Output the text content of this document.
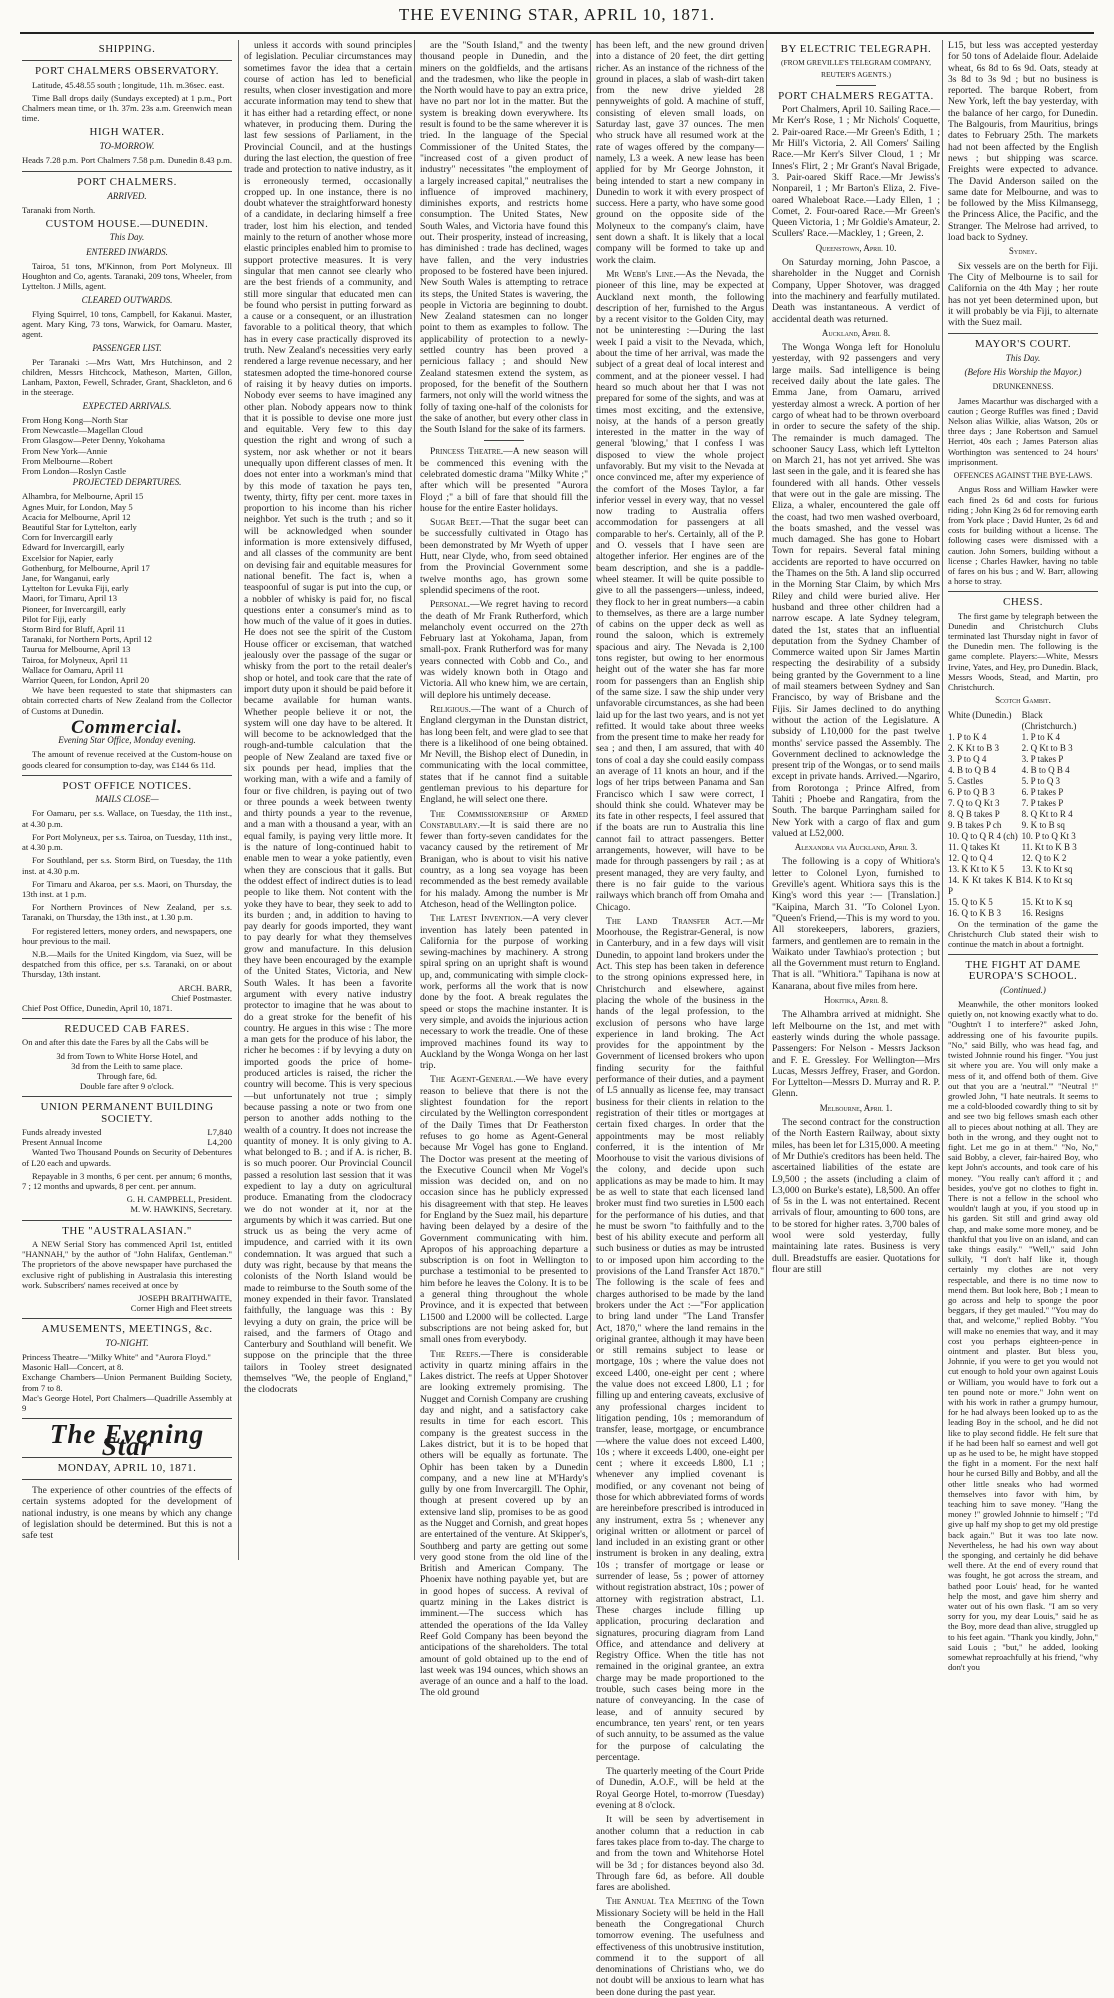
THE EVENING STAR, APRIL 10, 1871.
SHIPPING.
PORT CHALMERS OBSERVATORY.

Latitude, 45.48.55 south ; longitude, 11h. m.36sec. east.

Time Ball drops daily (Sundays excepted) at 1 p.m., Port Chalmers mean time, or 1h. 37m. 23s a.m. Greenwich mean time.

HIGH WATER.
TO-MORROW.
Heads 7.28 p.m. Port Chalmers 7.58 p.m. Dunedin 8.43 p.m.
PORT CHALMERS.
ARRIVED.

Taranaki from North.

CUSTOM HOUSE.—DUNEDIN.
This Day.
ENTERED INWARDS.

Tairoa, 51 tons, M'Kinnon, from Port Molyneux. Ill Houghton and Co, agents. Taranaki, 209 tons, Wheeler, from Lyttelton. J Mills, agent.

CLEARED OUTWARDS.

Flying Squirrel, 10 tons, Campbell, for Kakanui. Master, agent. Mary King, 73 tons, Warwick, for Oamaru. Master, agent.

PASSENGER LIST.

Per Taranaki :—Mrs Watt, Mrs Hutchinson, and 2 children, Messrs Hitchcock, Matheson, Marten, Gillon, Lanham, Paxton, Fewell, Schrader, Grant, Shackleton, and 6 in the steerage.

EXPECTED ARRIVALS.
From Hong Kong—North Star
From Newcastle—Magellan Cloud
From Glasgow—Peter Denny, Yokohama
From New York—Annie
From Melbourne—Robert
From London—Roslyn Castle
PROJECTED DEPARTURES.
Alhambra, for Melbourne, April 15
Agnes Muir, for London, May 5
Acacia for Melbourne, April 12
Beautiful Star for Lyttelton, early
Corn for Invercargill early
Edward for Invercargill, early
Excelsior for Napier, early
Gothenburg, for Melbourne, April 17
Jane, for Wanganui, early
Lyttelton for Levuka Fiji, early
Maori, for Timaru, April 13
Pioneer, for Invercargill, early
Pilot for Fiji, early
Storm Bird for Bluff, April 11
Taranaki, for Northern Ports, April 12
Taurua for Melbourne, April 13
Tairoa, for Molyneux, April 11
Wallace for Oamaru, April 11
Warrior Queen, for London, April 20

We have been requested to state that shipmasters can obtain corrected charts of New Zealand from the Collector of Customs at Dunedin.

Commercial.
Evening Star Office, Monday evening.

The amount of revenue received at the Custom-house on goods cleared for consumption to-day, was £144 6s 11d.

POST OFFICE NOTICES.
MAILS CLOSE—

For Oamaru, per s.s. Wallace, on Tuesday, the 11th inst., at 4.30 p.m.

For Port Molyneux, per s.s. Tairoa, on Tuesday, 11th inst., at 4.30 p.m.

For Southland, per s.s. Storm Bird, on Tuesday, the 11th inst. at 4.30 p.m.

For Timaru and Akaroa, per s.s. Maori, on Thursday, the 13th inst. at 1 p.m.

For Northern Provinces of New Zealand, per s.s. Taranaki, on Thursday, the 13th inst., at 1.30 p.m.

For registered letters, money orders, and newspapers, one hour previous to the mail.

N.B.—Mails for the United Kingdom, via Suez, will be despatched from this office, per s.s. Taranaki, on or about Thursday, 13th instant.

ARCH. BARR,
Chief Postmaster.
Chief Post Office, Dunedin, April 10, 1871.
REDUCED CAB FARES.

On and after this date the Fares by all the Cabs will be

3d from Town to White Horse Hotel, and
3d from the Leith to same place.
Through fare, 6d.
Double fare after 9 o'clock.
UNION PERMANENT BUILDING SOCIETY.
Funds already invested	L7,840
Present Annual Income	L4,200

Wanted Two Thousand Pounds on Security of Debentures of L20 each and upwards.

Repayable in 3 months, 6 per cent. per annum; 6 months, 7 ; 12 months and upwards, 8 per cent. per annum.

G. H. CAMPBELL, President.
M. W. HAWKINS, Secretary.
THE "AUSTRALASIAN."

A NEW Serial Story has commenced April 1st, entitled "HANNAH," by the author of "John Halifax, Gentleman." The proprietors of the above newspaper have purchased the exclusive right of publishing in Australasia this interesting work. Subscribers' names received at once by

JOSEPH BRAITHWAITE,
Corner High and Fleet streets
AMUSEMENTS, MEETINGS, &c.
TO-NIGHT.
Princess Theatre—"Milky White" and "Aurora Floyd."
Masonic Hall—Concert, at 8.
Exchange Chambers—Union Permanent Building Society, from 7 to 8.
Mac's George Hotel, Port Chalmers—Quadrille Assembly at 9
The Evening Star
MONDAY, APRIL 10, 1871.

The experience of other countries of the effects of certain systems adopted for the development of national industry, is one means by which any change of legislation should be determined. But this is not a safe test

unless it accords with sound principles of legislation. Peculiar circumstances may sometimes favor the idea that a certain course of action has led to beneficial results, when closer investigation and more accurate information may tend to shew that it has either had a retarding effect, or none whatever, in producing them. During the last few sessions of Parliament, in the Provincial Council, and at the hustings during the last election, the question of free trade and protection to native industry, as it is erroneously termed, occasionally cropped up. In one instance, there is no doubt whatever the straightforward honesty of a candidate, in declaring himself a free trader, lost him his election, and tended mainly to the return of another whose more elastic principles enabled him to promise to support protective measures. It is very singular that men cannot see clearly who are the best friends of a community, and still more singular that educated men can be found who persist in putting forward as a cause or a consequent, or an illustration favorable to a political theory, that which has in every case practically disproved its truth. New Zealand's necessities very early rendered a large revenue necessary, and her statesmen adopted the time-honored course of raising it by heavy duties on imports. Nobody ever seems to have imagined any other plan. Nobody appears now to think that it is possible to devise one more just and equitable. Very few to this day question the right and wrong of such a system, nor ask whether or not it bears unequally upon different classes of men. It does not enter into a workman's mind that by this mode of taxation he pays ten, twenty, thirty, fifty per cent. more taxes in proportion to his income than his richer neighbor. Yet such is the truth ; and so it will be acknowledged when sounder information is more extensively diffused, and all classes of the community are bent on devising fair and equitable measures for national benefit. The fact is, when a teaspoonful of sugar is put into the cup, or a nobbler of whisky is paid for, no fiscal questions enter a consumer's mind as to how much of the value of it goes in duties. He does not see the spirit of the Custom House officer or exciseman, that watched jealously over the passage of the sugar or whisky from the port to the retail dealer's shop or hotel, and took care that the rate of import duty upon it should be paid before it became available for human wants. Whether people believe it or not, the system will one day have to be altered. It will become to be acknowledged that the rough-and-tumble calculation that the people of New Zealand are taxed five or six pounds per head, implies that the working man, with a wife and a family of four or five children, is paying out of two or three pounds a week between twenty and thirty pounds a year to the revenue, and a man with a thousand a year, with an equal family, is paying very little more. It is the nature of long-continued habit to enable men to wear a yoke patiently, even when they are conscious that it galls. But the oddest effect of indirect duties is to lead people to like them. Not content with the yoke they have to bear, they seek to add to its burden ; and, in addition to having to pay dearly for goods imported, they want to pay dearly for what they themselves grow and manufacture. In this delusion they have been encouraged by the example of the United States, Victoria, and New South Wales. It has been a favorite argument with every native industry protector to imagine that he was about to do a great stroke for the benefit of his country. He argues in this wise : The more a man gets for the produce of his labor, the richer he becomes : if by levying a duty on imported goods the price of home-produced articles is raised, the richer the country will become. This is very specious—but unfortunately not true ; simply because passing a note or two from one person to another adds nothing to the wealth of a country. It does not increase the quantity of money. It is only giving to A. what belonged to B. ; and if A. is richer, B. is so much poorer. Our Provincial Council passed a resolution last session that it was expedient to lay a duty on agricultural produce. Emanating from the clodocracy we do not wonder at it, nor at the arguments by which it was carried. But one struck us as being the very acme of impudence, and carried with it its own condemnation. It was argued that such a duty was right, because by that means the colonists of the North Island would be made to reimburse to the South some of the money expended in their favor. Translated faithfully, the language was this : By levying a duty on grain, the price will be raised, and the farmers of Otago and Canterbury and Southland will benefit. We suppose on the principle that the three tailors in Tooley street designated themselves "We, the people of England," the clodocrats

are the "South Island," and the twenty thousand people in Dunedin, and the miners on the goldfields, and the artisans and the tradesmen, who like the people in the North would have to pay an extra price, have no part nor lot in the matter. But the system is breaking down everywhere. Its result is found to be the same wherever it is tried. In the language of the Special Commissioner of the United States, the "increased cost of a given product of industry" necessitates "the employment of a largely increased capital," neutralises the influence of improved machinery, diminishes exports, and restricts home consumption. The United States, New South Wales, and Victoria have found this out. Their prosperity, instead of increasing, has diminished : trade has declined, wages have fallen, and the very industries proposed to be fostered have been injured. New South Wales is attempting to retrace its steps, the United States is wavering, the people in Victoria are beginning to doubt. New Zealand statesmen can no longer point to them as examples to follow. The applicability of protection to a newly-settled country has been proved a pernicious fallacy ; and should New Zealand statesmen extend the system, as proposed, for the benefit of the Southern farmers, not only will the world witness the folly of taxing one-half of the colonists for the sake of another, but every other class in the South Island for the sake of its farmers.

Princess Theatre.—A new season will be commenced this evening with the celebrated domestic drama "Milky White ;" after which will be presented "Aurora Floyd ;" a bill of fare that should fill the house for the entire Easter holidays.

Sugar Beet.—That the sugar beet can be successfully cultivated in Otago has been demonstrated by Mr Wyeth of upper Hutt, near Clyde, who, from seed obtained from the Provincial Government some twelve months ago, has grown some splendid specimens of the root.

Personal.—We regret having to record the death of Mr Frank Rutherford, which melancholy event occurred on the 27th February last at Yokohama, Japan, from small-pox. Frank Rutherford was for many years connected with Cobb and Co., and was widely known both in Otago and Victoria. All who knew him, we are certain, will deplore his untimely decease.

Religious.—The want of a Church of England clergyman in the Dunstan district, has long been felt, and were glad to see that there is a likelihood of one being obtained. Mr Nevill, the Bishop elect of Dunedin, in communicating with the local committee, states that if he cannot find a suitable gentleman previous to his departure for England, he will select one there.

The Commissionership of Armed Constabulary.—It is said there are no fewer than forty-seven candidates for the vacancy caused by the retirement of Mr Branigan, who is about to visit his native country, as a long sea voyage has been recommended as the best remedy available for his malady. Among the number is Mr Atcheson, head of the Wellington police.

The Latest Invention.—A very clever invention has lately been patented in California for the purpose of working sewing-machines by machinery. A strong spiral spring on an upright shaft is wound up, and, communicating with simple clock-work, performs all the work that is now done by the foot. A break regulates the speed or stops the machine instanter. It is very simple, and avoids the injurious action necessary to work the treadle. One of these improved machines found its way to Auckland by the Wonga Wonga on her last trip.

The Agent-General.—We have every reason to believe that there is not the slightest foundation for the report circulated by the Wellington correspondent of the Daily Times that Dr Featherston refuses to go home as Agent-General because Mr Vogel has gone to England. The Doctor was present at the meeting of the Executive Council when Mr Vogel's mission was decided on, and on no occasion since has he publicly expressed his disagreement with that step. He leaves for England by the Suez mail, his departure having been delayed by a desire of the Government communicating with him. Apropos of his approaching departure a subscription is on foot in Wellington to purchase a testimonial to be presented to him before he leaves the Colony. It is to be a general thing throughout the whole Province, and it is expected that between L1500 and L2000 will be collected. Large subscriptions are not being asked for, but small ones from everybody.

The Reefs.—There is considerable activity in quartz mining affairs in the Lakes district. The reefs at Upper Shotover are looking extremely promising. The Nugget and Cornish Company are crushing day and night, and a satisfactory cake results in time for each escort. This company is the greatest success in the Lakes district, but it is to be hoped that others will be equally as fortunate. The Ophir has been taken by a Dunedin company, and a new line at M'Hardy's gully by one from Invercargill. The Ophir, though at present covered up by an extensive land slip, promises to be as good as the Nugget and Cornish, and great hopes are entertained of the venture. At Skipper's, Southberg and party are getting out some very good stone from the old line of the British and American Company. The Phoenix have nothing payable yet, but are in good hopes of success. A revival of quartz mining in the Lakes district is imminent.—The success which has attended the operations of the Ida Valley Reef Gold Company has been beyond the anticipations of the shareholders. The total amount of gold obtained up to the end of last week was 194 ounces, which shows an average of an ounce and a half to the load. The old ground

has been left, and the new ground driven into a distance of 20 feet, the dirt getting richer. As an instance of the richness of the ground in places, a slab of wash-dirt taken from the new drive yielded 28 pennyweights of gold. A machine of stuff, consisting of eleven small loads, on Saturday last, gave 37 ounces. The men who struck have all resumed work at the rate of wages offered by the company—namely, L3 a week. A new lease has been applied for by Mr George Johnston, it being intended to start a new company in Dunedin to work it with every prospect of success. Here a party, who have some good ground on the opposite side of the Molyneux to the company's claim, have sent down a shaft. It is likely that a local company will be formed to take up and work the claim.

Mr Webb's Line.—As the Nevada, the pioneer of this line, may be expected at Auckland next month, the following description of her, furnished to the Argus by a recent visitor to the Golden City, may not be uninteresting :—During the last week I paid a visit to the Nevada, which, about the time of her arrival, was made the subject of a great deal of local interest and comment, and at the pioneer vessel. I had heard so much about her that I was not prepared for some of the sights, and was at times most exciting, and the extensive, noisy, at the hands of a person greatly interested in the matter in the way of general 'blowing,' that I confess I was disposed to view the whole project unfavorably. But my visit to the Nevada at once convinced me, after my experience of the comfort of the Moses Taylor, a far inferior vessel in every way, that no vessel now trading to Australia offers accommodation for passengers at all comparable to her's. Certainly, all of the P. and O. vessels that I have seen are altogether inferior. Her engines are of the beam description, and she is a paddle-wheel steamer. It will be quite possible to give to all the passengers—unless, indeed, they flock to her in great numbers—a cabin to themselves, as there are a large number of cabins on the upper deck as well as round the saloon, which is extremely spacious and airy. The Nevada is 2,100 tons register, but owing to her enormous height out of the water she has far more room for passengers than an English ship of the same size. I saw the ship under very unfavorable circumstances, as she had been laid up for the last two years, and is not yet refitted. It would take about three weeks from the present time to make her ready for sea ; and then, I am assured, that with 40 tons of coal a day she could easily compass an average of 11 knots an hour, and if the logs of her trips between Panama and San Francisco which I saw were correct, I should think she could. Whatever may be its fate in other respects, I feel assured that if the boats are run to Australia this line cannot fail to attract passengers. Better arrangements, however, will have to be made for through passengers by rail ; as at present managed, they are very faulty, and there is no fair guide to the various railways which branch off from Omaha and Chicago.

The Land Transfer Act.—Mr Moorhouse, the Registrar-General, is now in Canterbury, and in a few days will visit Dunedin, to appoint land brokers under the Act. This step has been taken in deference to the strong opinions expressed here, in Christchurch and elsewhere, against placing the whole of the business in the hands of the legal profession, to the exclusion of persons who have large experience in land broking. The Act provides for the appointment by the Government of licensed brokers who upon finding security for the faithful performance of their duties, and a payment of L5 annually as license fee, may transact business for their clients in relation to the registration of their titles or mortgages at certain fixed charges. In order that the appointments may be most reliably conferred, it is the intention of Mr Moorhouse to visit the various divisions of the colony, and decide upon such applications as may be made to him. It may be as well to state that each licensed land broker must find two sureties in L500 each for the performance of his duties, and that he must be sworn "to faithfully and to the best of his ability execute and perform all such business or duties as may be intrusted to or imposed upon him according to the provisions of the Land Transfer Act 1870." The following is the scale of fees and charges authorised to be made by the land brokers under the Act :—"For application to bring land under "The Land Transfer Act, 1870," where the land remains in the original grantee, although it may have been or still remains subject to lease or mortgage, 10s ; where the value does not exceed L400, one-eight per cent ; where the value does not exceed L800, L1 ; for filling up and entering caveats, exclusive of any professional charges incident to litigation pending, 10s ; memorandum of transfer, lease, mortgage, or encumbrance—where the value does not exceed L400, 10s ; where it exceeds L400, one-eight per cent ; where it exceeds L800, L1 ; whenever any implied covenant is modified, or any covenant not being of those for which abbreviated forms of words are hereinbefore prescribed is introduced in any instrument, extra 5s ; whenever any original written or allotment or parcel of land included in an existing grant or other instrument is broken in any dealing, extra 10s ; transfer of mortgage or lease or surrender of lease, 5s ; power of attorney without registration abstract, 10s ; power of attorney with registration abstract, L1. These charges include filling up application, procuring declaration and signatures, procuring diagram from Land Office, and attendance and delivery at Registry Office. When the title has not remained in the original grantee, an extra charge may be made proportioned to the trouble, such cases being more in the nature of conveyancing. In the case of lease, and of annuity secured by encumbrance, ten years' rent, or ten years of such annuity, to be assumed as the value for the purpose of calculating the percentage.

The quarterly meeting of the Court Pride of Dunedin, A.O.F., will be held at the Royal George Hotel, to-morrow (Tuesday) evening at 8 o'clock.

It will be seen by advertisement in another column that a reduction in cab fares takes place from to-day. The charge to and from the town and Whitehorse Hotel will be 3d ; for distances beyond also 3d. Through fare 6d, as before. All double fares are abolished.

The Annual Tea Meeting of the Town Missionary Society will be held in the Hall beneath the Congregational Church tomorrow evening. The usefulness and effectiveness of this unobtrusive institution, commend it to the support of all denominations of Christians who, we do not doubt will be anxious to learn what has been done during the past year.

BY ELECTRIC TELEGRAPH.
(FROM GREVILLE'S TELEGRAM COMPANY, REUTER'S AGENTS.)
PORT CHALMERS REGATTA.

Port Chalmers, April 10. Sailing Race.—Mr Kerr's Rose, 1 ; Mr Nichols' Coquette, 2. Pair-oared Race.—Mr Green's Edith, 1 ; Mr Hill's Victoria, 2. All Comers' Sailing Race.—Mr Kerr's Silver Cloud, 1 ; Mr Innes's Flirt, 2 ; Mr Grant's Naval Brigade, 3. Pair-oared Skiff Race.—Mr Jewiss's Nonpareil, 1 ; Mr Barton's Eliza, 2. Five-oared Whaleboat Race.—Lady Ellen, 1 ; Comet, 2. Four-oared Race.—Mr Green's Queen Victoria, 1 ; Mr Goldie's Amateur, 2. Scullers' Race.—Mackley, 1 ; Green, 2.

Queenstown, April 10.

On Saturday morning, John Pascoe, a shareholder in the Nugget and Cornish Company, Upper Shotover, was dragged into the machinery and fearfully mutilated. Death was instantaneous. A verdict of accidental death was returned.

Auckland, April 8.

The Wonga Wonga left for Honolulu yesterday, with 92 passengers and very large mails. Sad intelligence is being received daily about the late gales. The Emma Jane, from Oamaru, arrived yesterday almost a wreck. A portion of her cargo of wheat had to be thrown overboard in order to secure the safety of the ship. The remainder is much damaged. The schooner Saucy Lass, which left Lyttelton on March 21, has not yet arrived. She was last seen in the gale, and it is feared she has foundered with all hands. Other vessels that were out in the gale are missing. The Eliza, a whaler, encountered the gale off the coast, had two men washed overboard, the boats smashed, and the vessel was much damaged. She has gone to Hobart Town for repairs. Several fatal mining accidents are reported to have occurred on the Thames on the 5th. A land slip occurred in the Morning Star Claim, by which Mrs Riley and child were buried alive. Her husband and three other children had a narrow escape. A late Sydney telegram, dated the 1st, states that an influential deputation from the Sydney Chamber of Commerce waited upon Sir James Martin respecting the desirability of a subsidy being granted by the Government to a line of mail steamers between Sydney and San Francisco, by way of Brisbane and the Fijis. Sir James declined to do anything without the action of the Legislature. A subsidy of L10,000 for the past twelve months' service passed the Assembly. The Government declined to acknowledge the present trip of the Wongas, or to send mails except in private hands. Arrived.—Ngariro, from Rorotonga ; Prince Alfred, from Tahiti ; Phoebe and Rangatira, from the South. The barque Parringham sailed for New York with a cargo of flax and gum valued at L52,000.

Alexandra via Auckland, April 3.

The following is a copy of Whitiora's letter to Colonel Lyon, furnished to Greville's agent. Whitiora says this is the King's word this year :— [Translation.] "Kaipina, March 31. "To Colonel Lyon. "Queen's Friend,—This is my word to you. All storekeepers, laborers, graziers, farmers, and gentlemen are to remain in the Waikato under Tawhiao's protection ; but all the Government must return to England. That is all. "Whitiora." Tapihana is now at Kanarana, about five miles from here.

Hokitika, April 8.

The Alhambra arrived at midnight. She left Melbourne on the 1st, and met with easterly winds during the whole passage. Passengers: For Nelson - Messrs Jackson and F. E. Gressley. For Wellington—Mrs Lucas, Messrs Jeffrey, Fraser, and Gordon. For Lyttelton—Messrs D. Murray and R. P. Glenn.

Melbourne, April 1.

The second contract for the construction of the North Eastern Railway, about sixty miles, has been let for L315,000. A meeting of Mr Duthie's creditors has been held. The ascertained liabilities of the estate are L9,500 ; the assets (including a claim of L3,000 on Burke's estate), L8,500. An offer of 5s in the L was not entertained. Recent arrivals of flour, amounting to 600 tons, are to be stored for higher rates. 3,700 bales of wool were sold yesterday, fully maintaining late rates. Business is very dull. Breadstuffs are easier. Quotations for flour are still

L15, but less was accepted yesterday for 50 tons of Adelaide flour. Adelaide wheat, 6s 8d to 6s 9d. Oats, steady at 3s 8d to 3s 9d ; but no business is reported. The barque Robert, from New York, left the bay yesterday, with the balance of her cargo, for Dunedin. The Balgouris, from Mauritius, brings dates to February 25th. The markets had not been affected by the English news ; but shipping was scarce. Freights were expected to advance. The David Anderson sailed on the same date for Melbourne, and was to be followed by the Miss Kilmansegg, the Princess Alice, the Pacific, and the Stranger. The Melrose had arrived, to load back to Sydney.

Sydney.

Six vessels are on the berth for Fiji. The City of Melbourne is to sail for California on the 4th May ; her route has not yet been determined upon, but it will probably be via Fiji, to alternate with the Suez mail.

MAYOR'S COURT.
This Day.
(Before His Worship the Mayor.)
DRUNKENNESS.

James Macarthur was discharged with a caution ; George Ruffles was fined ; David Nelson alias Wilkie, alias Watson, 20s or three days ; Jane Robertson and Samuel Herriot, 40s each ; James Paterson alias Worthington was sentenced to 24 hours' imprisonment.

OFFENCES AGAINST THE BYE-LAWS.

Angus Ross and William Hawker were each fined 2s 6d and costs for furious riding ; John King 2s 6d for removing earth from York place ; David Hunter, 2s 6d and costs for building without a license. The following cases were dismissed with a caution. John Somers, building without a license ; Charles Hawker, having no table of fares on his bus ; and W. Barr, allowing a horse to stray.

CHESS.

The first game by telegraph between the Dunedin and Christchurch Clubs terminated last Thursday night in favor of the Dunedin men. The following is the game complete. Players:—White, Messrs Irvine, Yates, and Hey, pro Dunedin. Black, Messrs Woods, Stead, and Martin, pro Christchurch.

Scotch Gambit.
White (Dunedin.)	Black (Christchurch.)
1. P to K 4	1. P to K 4
2. K Kt to B 3	2. Q Kt to B 3
3. P to Q 4	3. P takes P
4. B to Q B 4	4. B to Q B 4
5. Castles	5. P to Q 3
6. P to Q B 3	6. P takes P
7. Q to Q Kt 3	7. P takes P
8. Q B takes P	8. Q Kt to R 4
9. B takes P ch	9. K to B sq
10. Q to Q R 4 (ch)	10. P to Q Kt 3
11. Q takes Kt	11. Kt to K B 3
12. Q to Q 4	12. Q to K 2
13. K Kt to K 5	13. K to Kt sq
14. K Kt takes K B P	14. K to Kt sq
15. Q to K 5	15. Kt to K sq
16. Q to K B 3	16. Resigns

On the termination of the game the Christchurch Club stated their wish to continue the match in about a fortnight.

THE FIGHT AT DAME EUROPA'S SCHOOL.
(Continued.)

Meanwhile, the other monitors looked quietly on, not knowing exactly what to do. "Oughtn't I to interfere?" asked John, addressing one of his favourite pupils. "No," said Billy, who was head fag, and twisted Johnnie round his finger. "You just sit where you are. You will only make a mess of it, and offend both of them. Give out that you are a 'neutral.'" "Neutral !" growled John, "I hate neutrals. It seems to me a cold-blooded cowardly thing to sit by and see two big fellows smash each other all to pieces about nothing at all. They are both in the wrong, and they ought not to fight. Let me go in at them." "No, No," said Bobby, a clever, fair-haired Boy, who kept John's accounts, and took care of his money. "You really can't afford it ; and besides, you've got no clothes to fight in. There is not a fellow in the school who wouldn't laugh at you, if you stood up in his garden. Sit still and grind away old chap, and make some more money, and be thankful that you live on an island, and can take things easily." "Well," said John sulkily, "I don't half like it, though certainly my clothes are not very respectable, and there is no time now to mend them. But look here, Bob ; I mean to go across and help to sponge the poor beggars, if they get mauled." "You may do that, and welcome," replied Bobby. "You will make no enemies that way, and it may cost you perhaps eighteen-pence in ointment and plaster. But bless you, Johnnie, if you were to get you would not cut enough to hold your own against Louis or William, you would have to fork out a ten pound note or more." John went on with his work in rather a grumpy humour, for he had always been looked up to as the leading Boy in the school, and he did not like to play second fiddle. He felt sure that if he had been half so earnest and well got up as he used to be, he might have stopped the fight in a moment. For the next half hour he cursed Billy and Bobby, and all the other little sneaks who had wormed themselves into favor with him, by teaching him to save money. "Hang the money !" growled Johnnie to himself ; "I'd give up half my shop to get my old prestige back again." But it was too late now. Nevertheless, he had his own way about the sponging, and certainly he did behave well there. At the end of every round that was fought, he got across the stream, and bathed poor Louis' head, for he wanted help the most, and gave him sherry and water out of his own flask. "I am so very sorry for you, my dear Louis," said he as the Boy, more dead than alive, struggled up to his feet again. "Thank you kindly, John," said Louis ; "but," he added, looking somewhat reproachfully at his friend, "why don't you
